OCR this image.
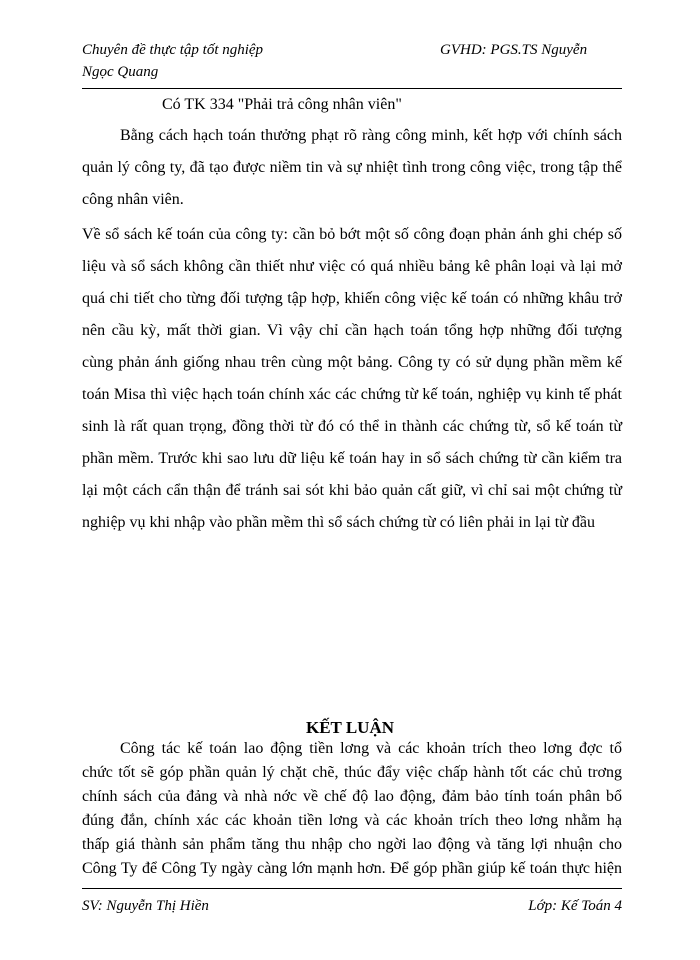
Chuyên đề thực tập tốt nghiệp	GVHD: PGS.TS Nguyễn
Ngọc Quang
Có TK 334 "Phải trả công nhân viên"
Bằng cách hạch toán thưởng phạt rõ ràng công minh, kết hợp với chính sách
quản lý công ty, đã tạo được niềm tin và sự nhiệt tình trong công việc, trong tập thể
công nhân viên.
Về sổ sách kế toán của công ty: cần bỏ bớt một số công đoạn phản ánh ghi chép số
liệu và sổ sách không cần thiết như việc có quá nhiều bảng kê phân loại và lại mở
quá chi tiết cho từng đối tượng tập hợp, khiến công việc kế toán có những khâu trở
nên cầu kỳ, mất thời gian. Vì vậy chỉ cần hạch toán tổng hợp những đối tượng
cùng phản ánh giống nhau trên cùng một bảng. Công ty có sử dụng phần mềm kế
toán Misa thì việc hạch toán chính xác các chứng từ kế toán, nghiệp vụ kinh tế phát
sinh là rất quan trọng, đồng thời từ đó có thể in thành các chứng từ, sổ kế toán từ
phần mềm. Trước khi sao lưu dữ liệu kế toán hay in sổ sách chứng từ cần kiểm tra
lại một cách cẩn thận để tránh sai sót khi bảo quản cất giữ, vì chỉ sai một chứng từ
nghiệp vụ khi nhập vào phần mềm thì sổ sách chứng từ có liên phải in lại từ đầu
KẾT LUẬN
Công tác kế toán lao động tiền lơng và các khoản trích theo lơng đợc tổ
chức tốt sẽ góp phần quản lý chặt chẽ, thúc đẩy việc chấp hành tốt các chủ trơng
chính sách của đảng và nhà nớc về chế độ lao động, đảm bảo tính toán phân bổ
đúng đắn, chính xác các khoản tiền lơng và các khoản trích theo lơng nhằm hạ
thấp giá thành sản phẩm tăng thu nhập cho ngời lao động và tăng lợi nhuận cho
Công Ty để Công Ty ngày càng lớn mạnh hơn. Để góp phần giúp kế toán thực hiện
SV: Nguyễn Thị Hiền	Lớp: Kế Toán 4
